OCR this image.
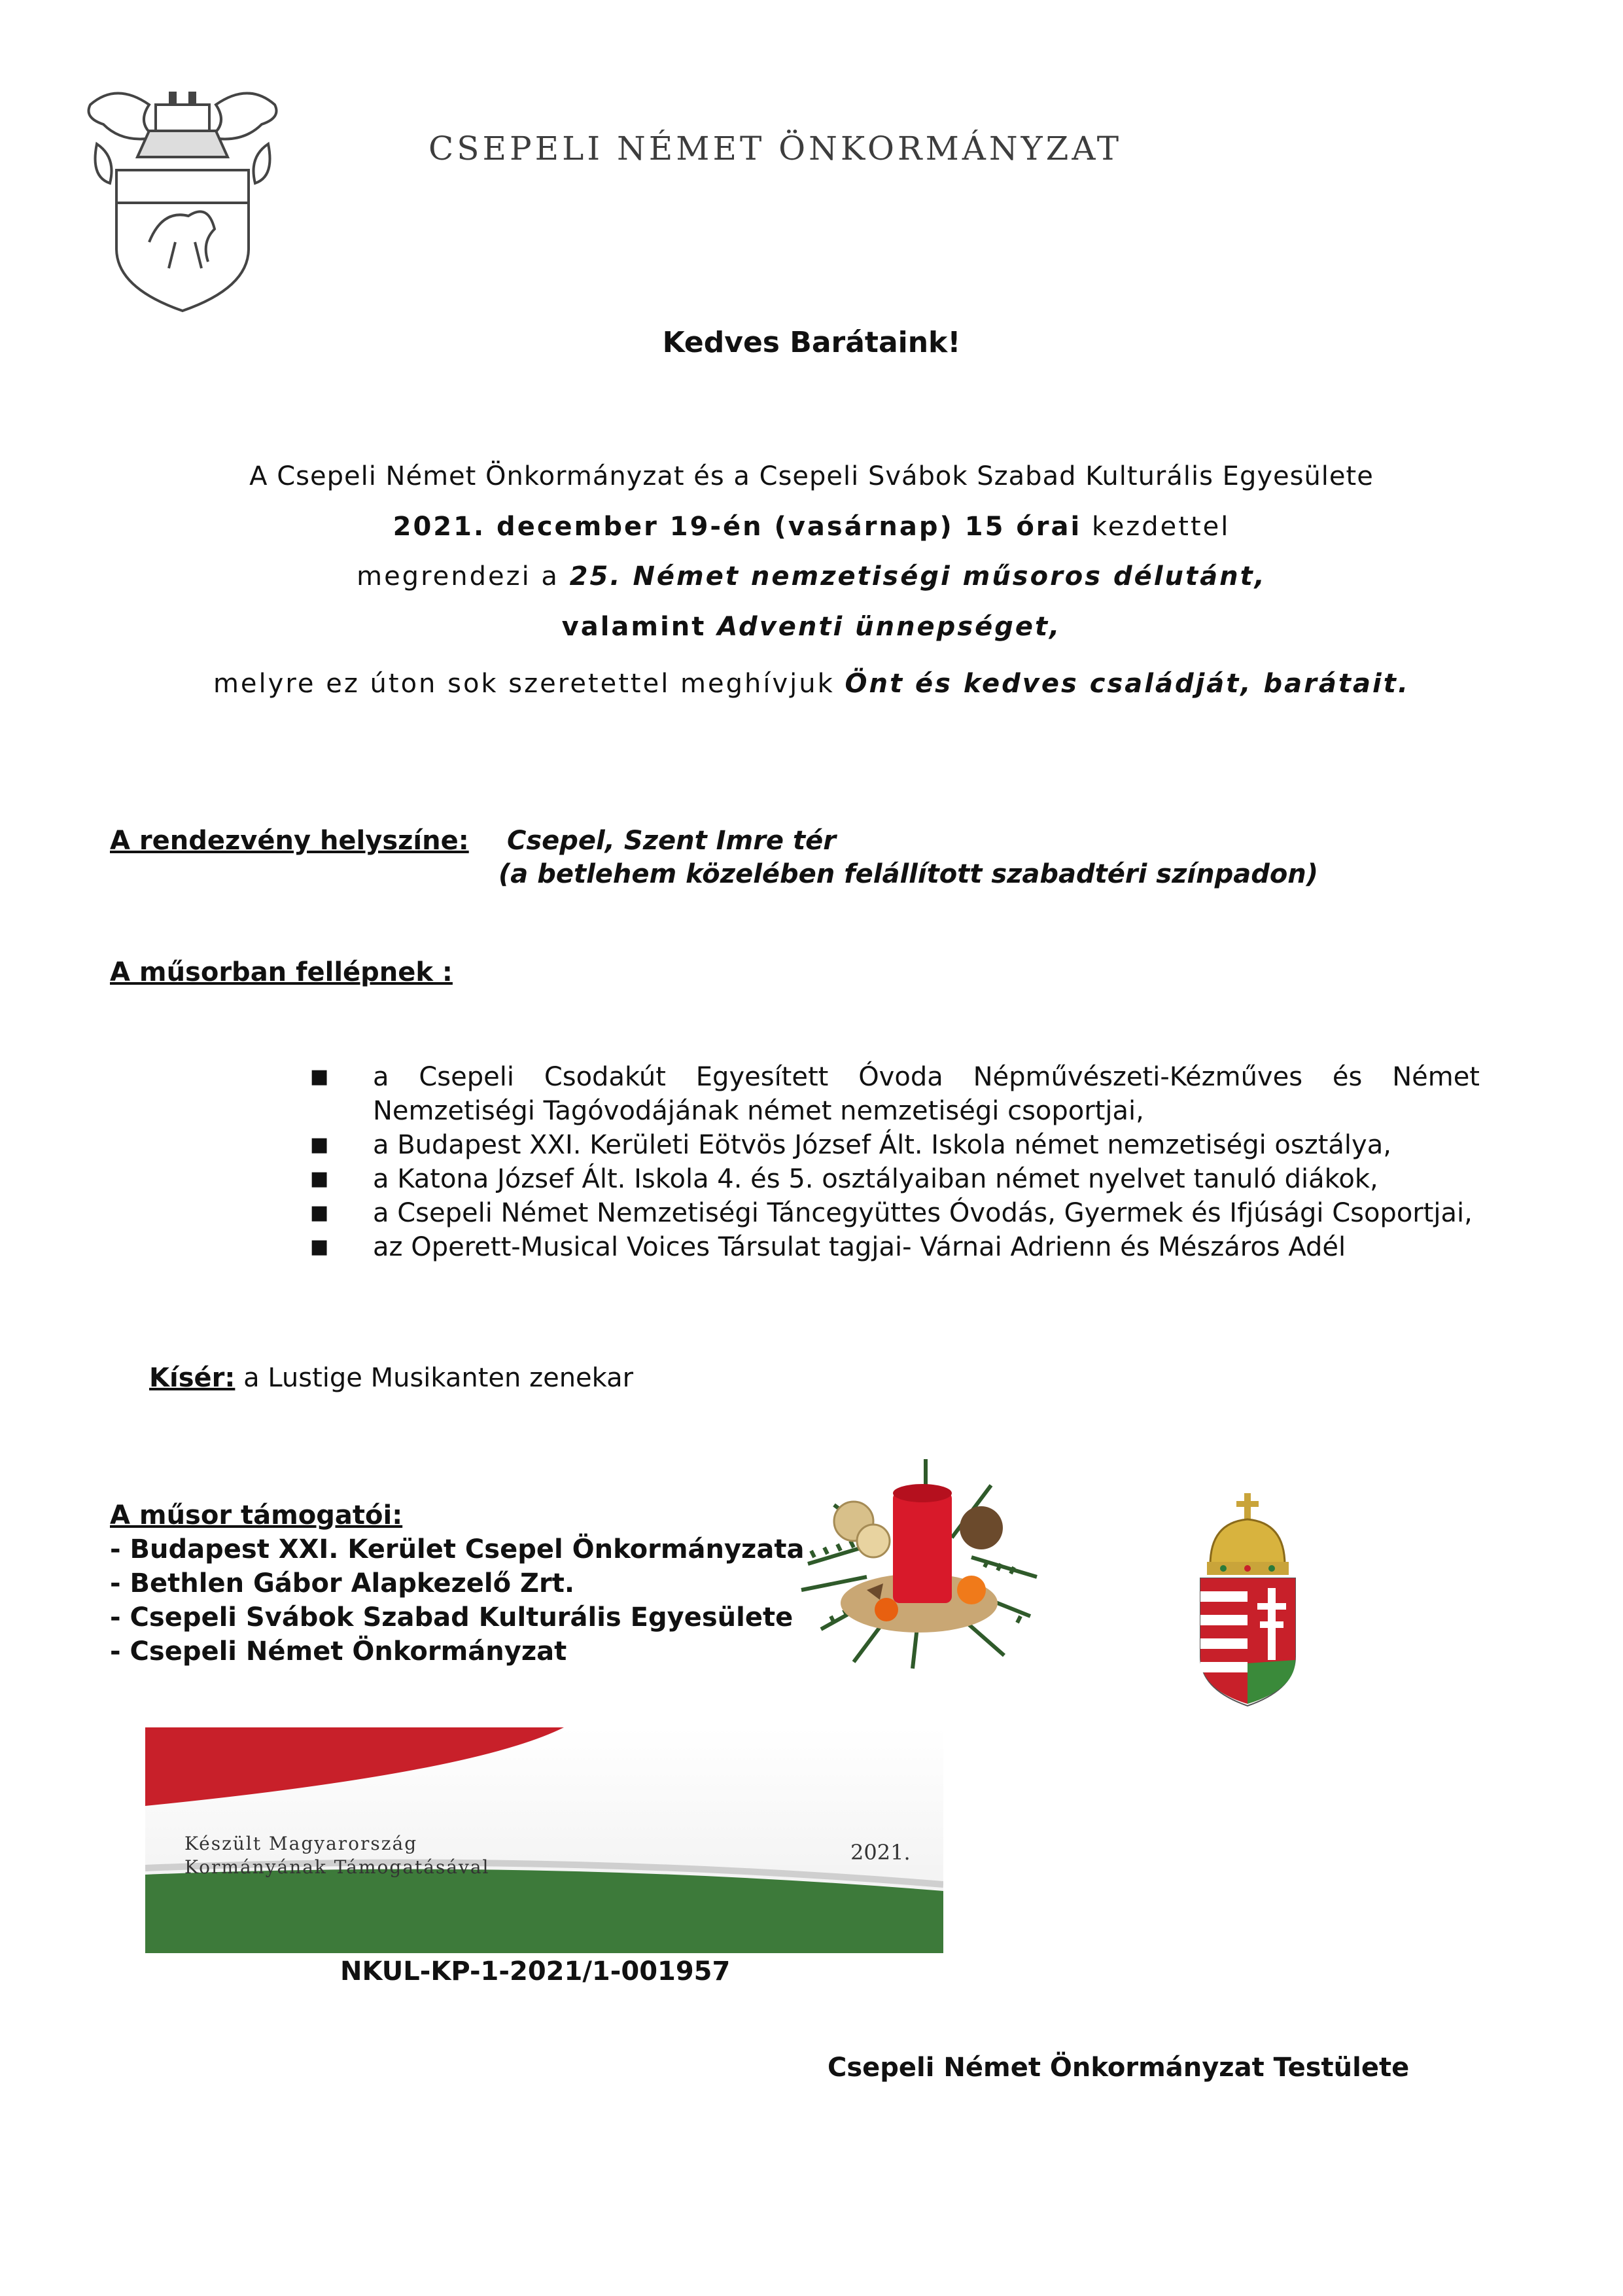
CSEPELI NÉMET ÖNKORMÁNYZAT
Kedves Barátaink!
A Csepeli Német Önkormányzat és a Csepeli Svábok Szabad Kulturális Egyesülete
2021. december 19-én (vasárnap) 15 órai kezdettel
megrendezi a 25. Német nemzetiségi műsoros délutánt,
valamint Adventi ünnepséget,
melyre ez úton sok szeretettel meghívjuk Önt és kedves családját, barátait.
A rendezvény helyszíne: Csepel, Szent Imre tér
(a betlehem közelében felállított szabadtéri színpadon)
A műsorban fellépnek :
■ a Csepeli Csodakút Egyesített Óvoda Népművészeti-Kézműves és Német Nemzetiségi Tagóvodájának német nemzetiségi csoportjai,
■ a Budapest XXI. Kerületi Eötvös József Ált. Iskola német nemzetiségi osztálya,
■ a Katona József Ált. Iskola 4. és 5. osztályaiban német nyelvet tanuló diákok,
■ a Csepeli Német Nemzetiségi Táncegyüttes Óvodás, Gyermek és Ifjúsági Csoportjai,
■ az Operett-Musical Voices Társulat tagjai- Várnai Adrienn és Mészáros Adél
Kísér: a Lustige Musikanten zenekar
A műsor támogatói:
- Budapest XXI. Kerület Csepel Önkormányzata
- Bethlen Gábor Alapkezelő Zrt.
- Csepeli Svábok Szabad Kulturális Egyesülete
- Csepeli Német Önkormányzat
Készült Magyarország
Kormányának Támogatásával
2021.
NKUL-KP-1-2021/1-001957
Csepeli Német Önkormányzat Testülete
